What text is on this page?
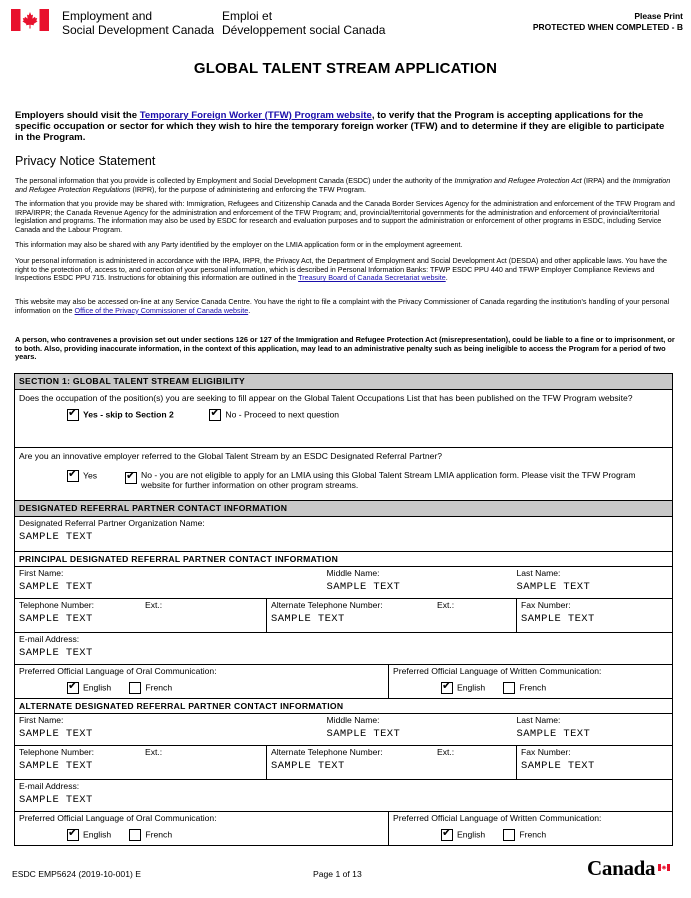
Employment and
Social Development Canada
Emploi et
Développement social Canada
Please Print
PROTECTED WHEN COMPLETED - B
GLOBAL TALENT STREAM APPLICATION
Employers should visit the Temporary Foreign Worker (TFW) Program website, to verify that the Program is accepting applications for the specific occupation or sector for which they wish to hire the temporary foreign worker (TFW) and to determine if they are eligible to participate in the Program.
Privacy Notice Statement
The personal information that you provide is collected by Employment and Social Development Canada (ESDC) under the authority of the Immigration and Refugee Protection Act (IRPA) and the Immigration and Refugee Protection Regulations (IRPR), for the purpose of administering and enforcing the TFW Program.
The information that you provide may be shared with: Immigration, Refugees and Citizenship Canada and the Canada Border Services Agency for the administration and enforcement of the TFW Program and IRPA/IRPR; the Canada Revenue Agency for the administration and enforcement of the TFW Program; and, provincial/territorial governments for the administration and enforcement of provincial/territorial legislation and programs. The information may also be used by ESDC for research and evaluation purposes and to support the administration or enforcement of other programs in ESDC, including Service Canada and the Labour Program.
This information may also be shared with any Party identified by the employer on the LMIA application form or in the employment agreement.
Your personal information is administered in accordance with the IRPA, IRPR, the Privacy Act, the Department of Employment and Social Development Act (DESDA) and other applicable laws. You have the right to the protection of, access to, and correction of your personal information, which is described in Personal Information Banks: TFWP ESDC PPU 440 and TFWP Employer Compliance Reviews and Inspections ESDC PPU 715. Instructions for obtaining this information are outlined in the Treasury Board of Canada Secretariat website.
This website may also be accessed on-line at any Service Canada Centre. You have the right to file a complaint with the Privacy Commissioner of Canada regarding the institution's handling of your personal information on the Office of the Privacy Commissioner of Canada website.
A person, who contravenes a provision set out under sections 126 or 127 of the Immigration and Refugee Protection Act (misrepresentation), could be liable to a fine or to imprisonment, or to both. Also, providing inaccurate information, in the context of this application, may lead to an administrative penalty such as being ineligible to access the Program for a period of two years.
SECTION 1: GLOBAL TALENT STREAM ELIGIBILITY			

Does the occupation of the position(s) you are seeking to fill appear on the Global Talent Occupations List that has been published on the TFW Program website?
✔Yes - skip to Section 2 ✔ No - Proceed to next question

Are you an innovative employer referred to the Global Talent Stream by an ESDC Designated Referral Partner?
✔Yes ✔ No - you are not eligible to apply for an LMIA using this Global Talent Stream LMIA application form. Please visit the TFW Program website for further information on other program streams.

DESIGNATED REFERRAL PARTNER CONTACT INFORMATION			

Designated Referral Partner Organization Name:
SAMPLE TEXT			

PRINCIPAL DESIGNATED REFERRAL PARTNER CONTACT INFORMATION			

First Name:
SAMPLE TEXT	Middle Name:
SAMPLE TEXT		Last Name:
SAMPLE TEXT

Telephone Number: Ext.:
SAMPLE TEXT	Alternate Telephone Number: Ext.:
SAMPLE TEXT		Fax Number:
SAMPLE TEXT

E-mail Address:
SAMPLE TEXT			

Preferred Official Language of Oral Communication:
✔English French		Preferred Official Language of Written Communication:
✔English French

ALTERNATE DESIGNATED REFERRAL PARTNER CONTACT INFORMATION			

First Name:
SAMPLE TEXT	Middle Name:
SAMPLE TEXT		Last Name:
SAMPLE TEXT

Telephone Number: Ext.:
SAMPLE TEXT	Alternate Telephone Number: Ext.:
SAMPLE TEXT		Fax Number:
SAMPLE TEXT

E-mail Address:
SAMPLE TEXT			

Preferred Official Language of Oral Communication:
✔English French		Preferred Official Language of Written Communication:
✔English French
ESDC EMP5624 (2019-10-001) E	Page 1 of 13	Canada
